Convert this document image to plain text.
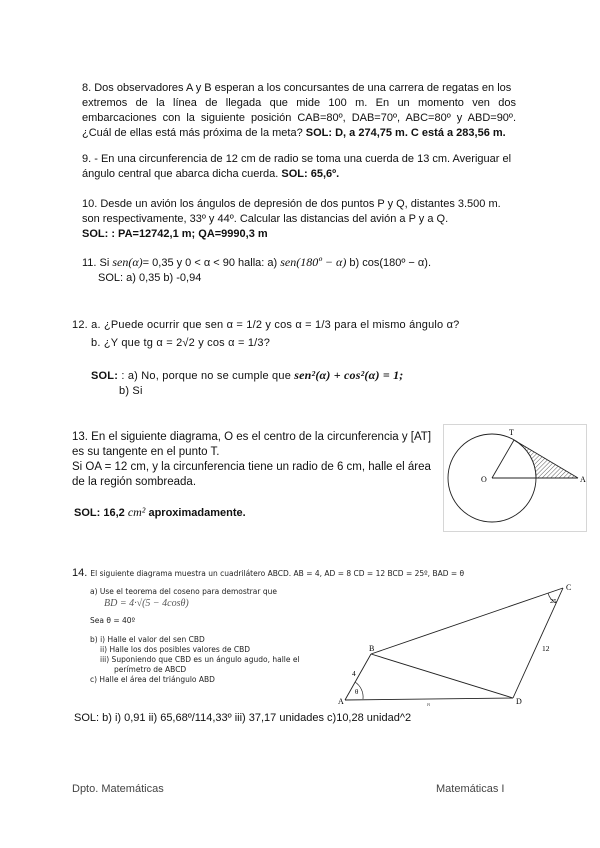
8. Dos observadores A y B esperan a los concursantes de una carrera de regatas en los
extremos de la línea de llegada que mide 100 m. En un momento ven dos
embarcaciones con la siguiente posición CAB=80º, DAB=70º, ABC=80º y ABD=90º.
¿Cuál de ellas está más próxima de la meta? SOL: D, a 274,75 m. C está a 283,56 m.
9. - En una circunferencia de 12 cm de radio se toma una cuerda de 13 cm. Averiguar el
ángulo central que abarca dicha cuerda. SOL: 65,6º.
10. Desde un avión los ángulos de depresión de dos puntos P y Q, distantes 3.500 m.
son respectivamente, 33º y 44º. Calcular las distancias del avión a P y a Q.
SOL: : PA=12742,1 m; QA=9990,3 m
11. Si sen(α)= 0,35 y 0 < α < 90 halla: a) sen(180º − α) b) cos(180º − α).
SOL: a) 0,35 b) -0,94
12. a. ¿Puede ocurrir que sen α = 1/2 y cos α = 1/3 para el mismo ángulo α?
b. ¿Y que tg α = 2√2 y cos α = 1/3?
SOL: : a) No, porque no se cumple que sen²(α) + cos²(α) = 1;
b) Si
13. En el siguiente diagrama, O es el centro de la circunferencia y [AT]
es su tangente en el punto T.
Si OA = 12 cm, y la circunferencia tiene un radio de 6 cm, halle el área
de la región sombreada.
SOL: 16,2 cm² aproximadamente.
T
O	A
14. El siguiente diagrama muestra un cuadrilátero ABCD. AB = 4, AD = 8 CD = 12 BCD = 25º, BAD = θ
a) Use el teorema del coseno para demostrar que
BD = 4·√(5 − 4cosθ)
Sea θ = 40º
b) i) Halle el valor del sen CBD
ii) Halle los dos posibles valores de CBD
iii) Suponiendo que CBD es un ángulo agudo, halle el
perímetro de ABCD
c) Halle el área del triángulo ABD
A
B
C
D
4
12
8
25
θ
SOL: b) i) 0,91 ii) 65,68º/114,33º iii) 37,17 unidades c)10,28 unidad^2
Dpto. Matemáticas	Matemáticas I
